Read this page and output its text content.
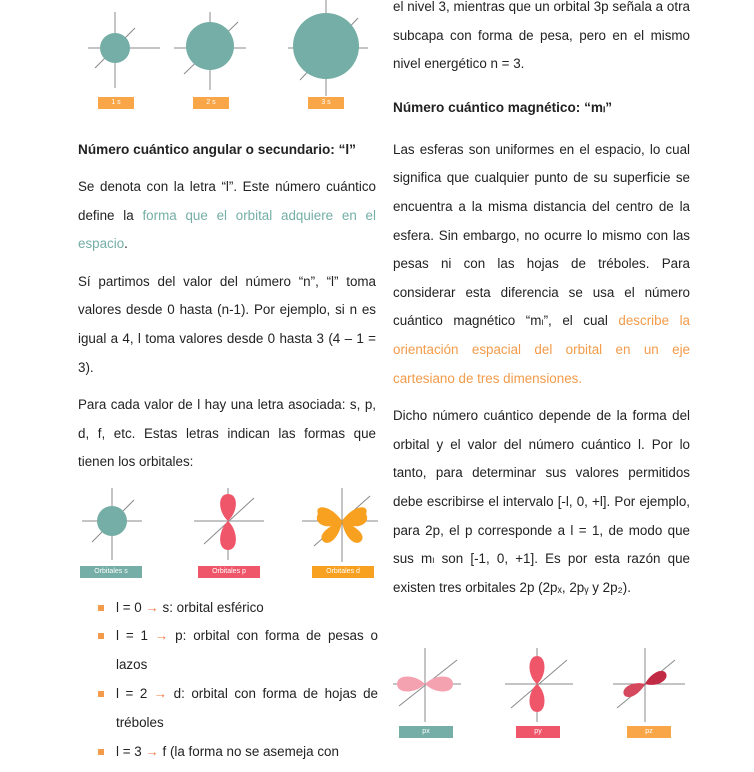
1 s	2 s	3 s
Número cuántico angular o secundario: “l”

Se denota con la letra “l”. Este número cuántico define la forma que el orbital adquiere en el espacio.

Sí partimos del valor del número “n”, “l” toma valores desde 0 hasta (n-1). Por ejemplo, si n es igual a 4, l toma valores desde 0 hasta 3 (4 – 1 = 3).

Para cada valor de l hay una letra asociada: s, p, d, f, etc. Estas letras indican las formas que tienen los orbitales:

Orbitales s	Orbitales p	Orbitales d
l = 0 → s: orbital esférico
l = 1 → p: orbital con forma de pesas o lazos
l = 2 → d: orbital con forma de hojas de tréboles
l = 3 → f (la forma no se asemeja con

el nivel 3, mientras que un orbital 3p señala a otra subcapa con forma de pesa, pero en el mismo nivel energético n = 3.

Número cuántico magnético: “mₗ”

Las esferas son uniformes en el espacio, lo cual significa que cualquier punto de su superficie se encuentra a la misma distancia del centro de la esfera. Sin embargo, no ocurre lo mismo con las pesas ni con las hojas de tréboles. Para considerar esta diferencia se usa el número cuántico magnético “mₗ”, el cual describe la orientación espacial del orbital en un eje cartesiano de tres dimensiones.

Dicho número cuántico depende de la forma del orbital y el valor del número cuántico l. Por lo tanto, para determinar sus valores permitidos debe escribirse el intervalo [-l, 0, +l]. Por ejemplo, para 2p, el p corresponde a l = 1, de modo que sus mₗ son [-1, 0, +1]. Es por esta razón que existen tres orbitales 2p (2pₓ, 2pᵧ y 2p₂).

px	py	pz
